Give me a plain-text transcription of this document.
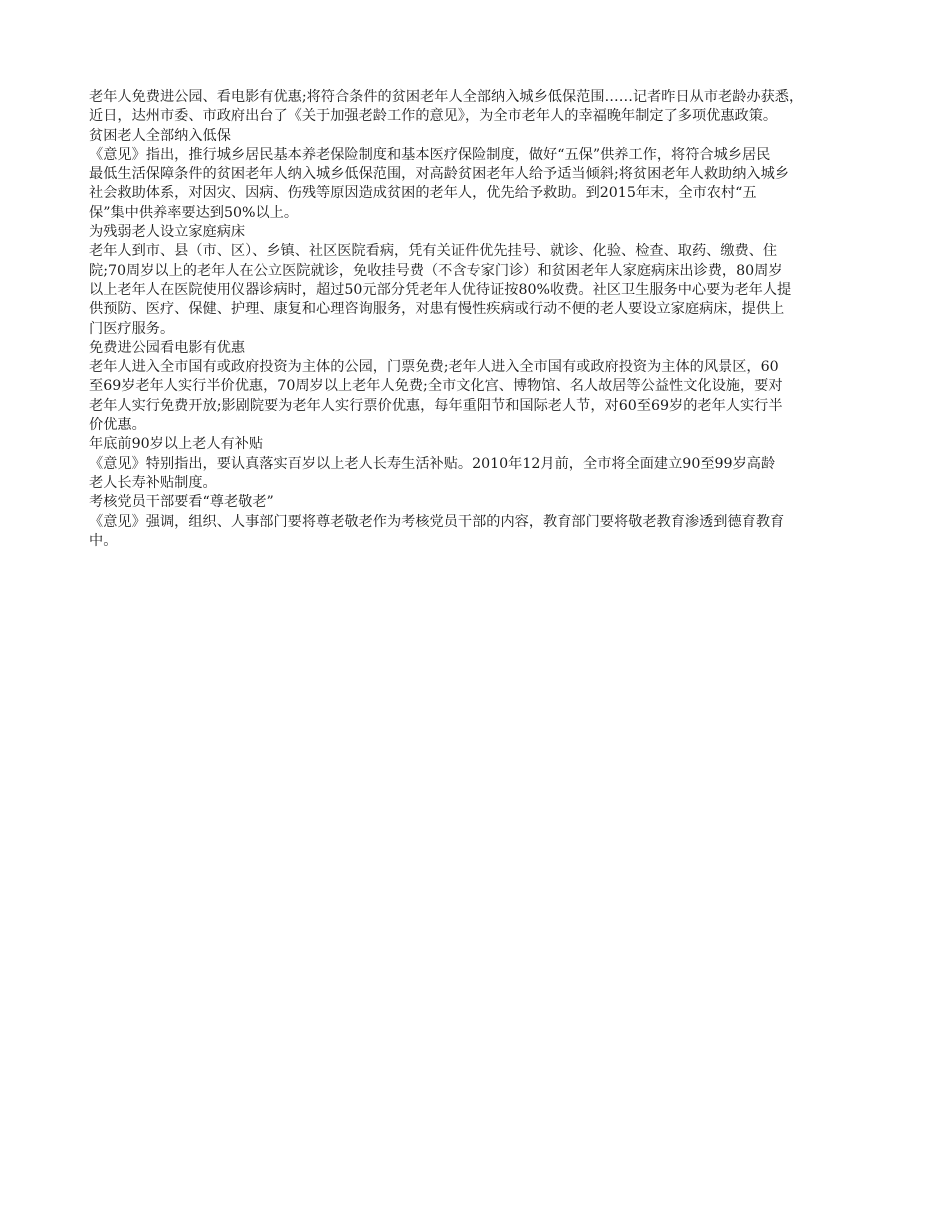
老年人免费进公园、看电影有优惠;将符合条件的贫困老年人全部纳入城乡低保范围……记者昨日从市老龄办获悉，
近日，达州市委、市政府出台了《关于加强老龄工作的意见》，为全市老年人的幸福晚年制定了多项优惠政策。

贫困老人全部纳入低保

《意见》指出，推行城乡居民基本养老保险制度和基本医疗保险制度，做好“五保”供养工作，将符合城乡居民
最低生活保障条件的贫困老年人纳入城乡低保范围，对高龄贫困老年人给予适当倾斜;将贫困老年人救助纳入城乡
社会救助体系，对因灾、因病、伤残等原因造成贫困的老年人，优先给予救助。到2015年末，全市农村“五
保”集中供养率要达到50%以上。

为残弱老人设立家庭病床

老年人到市、县（市、区）、乡镇、社区医院看病，凭有关证件优先挂号、就诊、化验、检查、取药、缴费、住
院;70周岁以上的老年人在公立医院就诊，免收挂号费（不含专家门诊）和贫困老年人家庭病床出诊费，80周岁
以上老年人在医院使用仪器诊病时，超过50元部分凭老年人优待证按80%收费。社区卫生服务中心要为老年人提
供预防、医疗、保健、护理、康复和心理咨询服务，对患有慢性疾病或行动不便的老人要设立家庭病床，提供上
门医疗服务。

免费进公园看电影有优惠

老年人进入全市国有或政府投资为主体的公园，门票免费;老年人进入全市国有或政府投资为主体的风景区，60
至69岁老年人实行半价优惠，70周岁以上老年人免费;全市文化宫、博物馆、名人故居等公益性文化设施，要对
老年人实行免费开放;影剧院要为老年人实行票价优惠，每年重阳节和国际老人节，对60至69岁的老年人实行半
价优惠。

年底前90岁以上老人有补贴

《意见》特别指出，要认真落实百岁以上老人长寿生活补贴。2010年12月前，全市将全面建立90至99岁高龄
老人长寿补贴制度。

考核党员干部要看“尊老敬老”

《意见》强调，组织、人事部门要将尊老敬老作为考核党员干部的内容，教育部门要将敬老教育渗透到德育教育
中。
